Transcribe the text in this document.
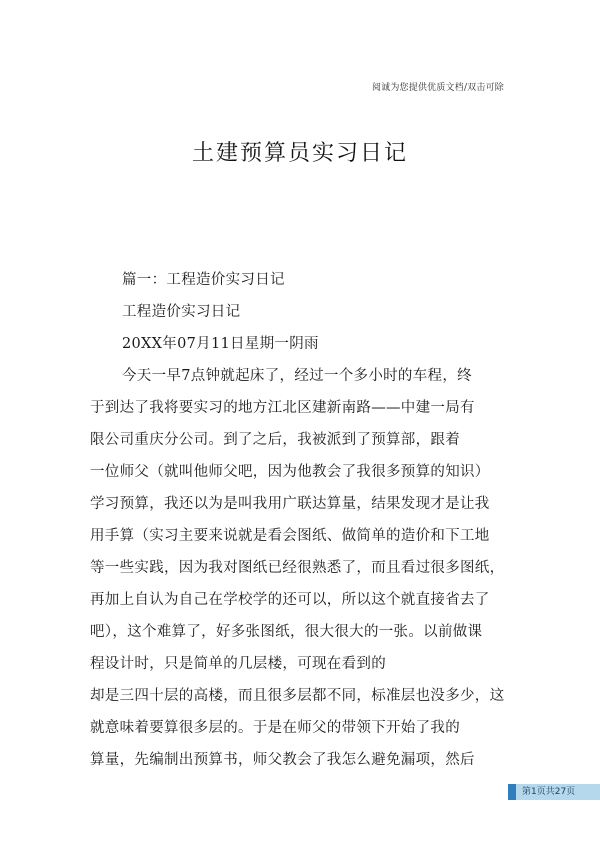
阅诚为您提供优质文档/双击可除
土建预算员实习日记
篇一：工程造价实习日记
工程造价实习日记
20XX年07月11日星期一阴雨
今天一早7点钟就起床了，经过一个多小时的车程，终
于到达了我将要实习的地方江北区建新南路——中建一局有
限公司重庆分公司。到了之后，我被派到了预算部，跟着
一位师父（就叫他师父吧，因为他教会了我很多预算的知识）
学习预算，我还以为是叫我用广联达算量，结果发现才是让我
用手算（实习主要来说就是看会图纸、做简单的造价和下工地
等一些实践，因为我对图纸已经很熟悉了，而且看过很多图纸，
再加上自认为自己在学校学的还可以，所以这个就直接省去了
吧），这个难算了，好多张图纸，很大很大的一张。以前做课
程设计时，只是简单的几层楼，可现在看到的
却是三四十层的高楼，而且很多层都不同，标准层也没多少，这
就意味着要算很多层的。于是在师父的带领下开始了我的
算量，先编制出预算书，师父教会了我怎么避免漏项，然后
第1页共27页
